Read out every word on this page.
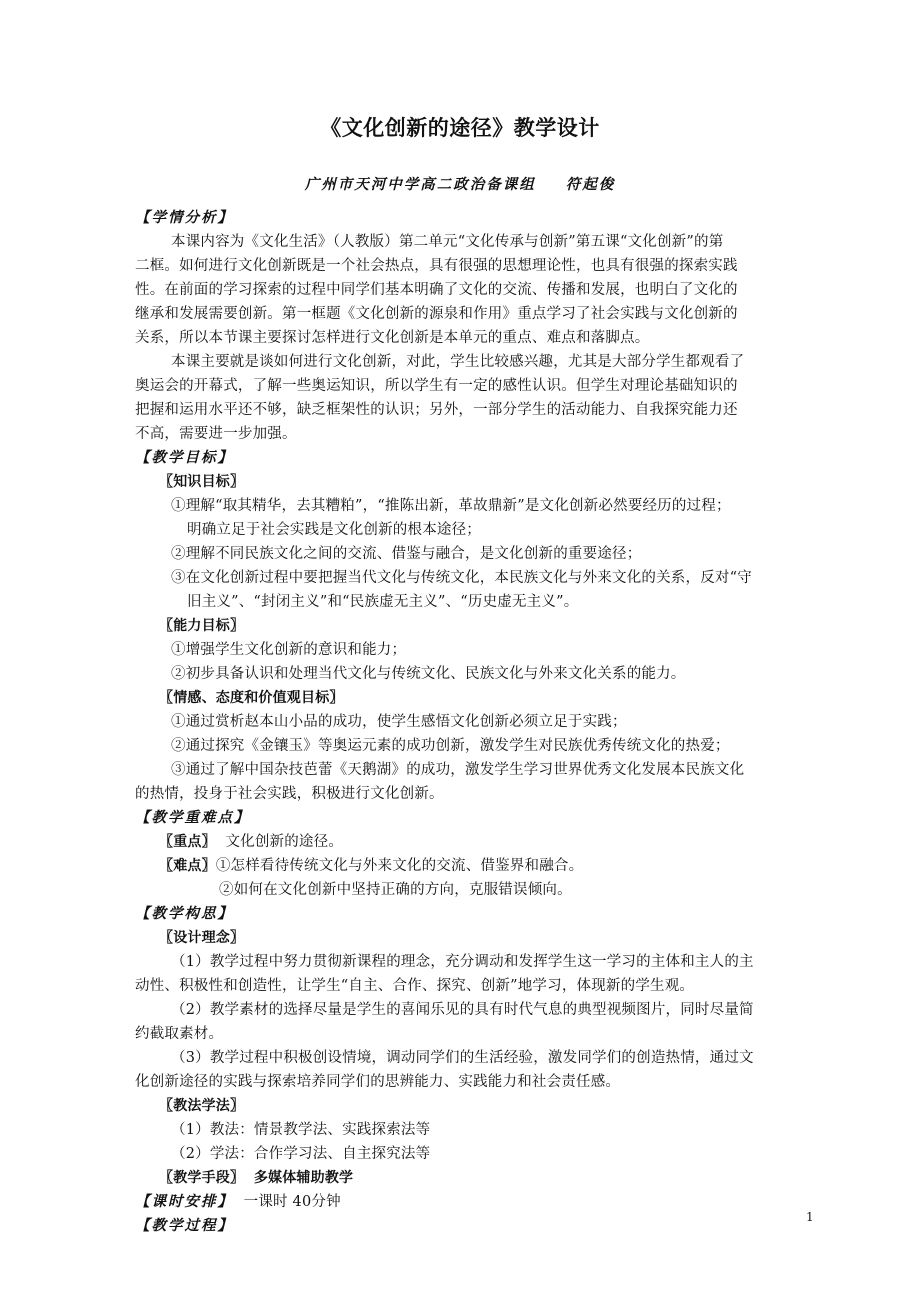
《文化创新的途径》教学设计
广州市天河中学高二政治备课组 符起俊
【学情分析】
本课内容为《文化生活》（人教版）第二单元“文化传承与创新”第五课“文化创新”的第
二框。如何进行文化创新既是一个社会热点，具有很强的思想理论性，也具有很强的探索实践
性。在前面的学习探索的过程中同学们基本明确了文化的交流、传播和发展，也明白了文化的
继承和发展需要创新。第一框题《文化创新的源泉和作用》重点学习了社会实践与文化创新的
关系，所以本节课主要探讨怎样进行文化创新是本单元的重点、难点和落脚点。
本课主要就是谈如何进行文化创新，对此，学生比较感兴趣，尤其是大部分学生都观看了
奥运会的开幕式，了解一些奥运知识，所以学生有一定的感性认识。但学生对理论基础知识的
把握和运用水平还不够，缺乏框架性的认识；另外，一部分学生的活动能力、自我探究能力还
不高，需要进一步加强。
【教学目标】
〖知识目标〗
①理解“取其精华，去其糟粕”，“推陈出新，革故鼎新”是文化创新必然要经历的过程；
明确立足于社会实践是文化创新的根本途径；
②理解不同民族文化之间的交流、借鉴与融合，是文化创新的重要途径；
③在文化创新过程中要把握当代文化与传统文化，本民族文化与外来文化的关系，反对“守
旧主义”、“封闭主义”和“民族虚无主义”、“历史虚无主义”。
〖能力目标〗
①增强学生文化创新的意识和能力；
②初步具备认识和处理当代文化与传统文化、民族文化与外来文化关系的能力。
〖情感、态度和价值观目标〗
①通过赏析赵本山小品的成功，使学生感悟文化创新必须立足于实践；
②通过探究《金镶玉》等奥运元素的成功创新，激发学生对民族优秀传统文化的热爱；
③通过了解中国杂技芭蕾《天鹅湖》的成功，激发学生学习世界优秀文化发展本民族文化
的热情，投身于社会实践，积极进行文化创新。
【教学重难点】
〖重点〗 文化创新的途径。
〖难点〗①怎样看待传统文化与外来文化的交流、借鉴界和融合。
②如何在文化创新中坚持正确的方向，克服错误倾向。
【教学构思】
〖设计理念〗
（1）教学过程中努力贯彻新课程的理念，充分调动和发挥学生这一学习的主体和主人的主
动性、积极性和创造性，让学生“自主、合作、探究、创新”地学习，体现新的学生观。
（2）教学素材的选择尽量是学生的喜闻乐见的具有时代气息的典型视频图片，同时尽量简
约截取素材。
（3）教学过程中积极创设情境，调动同学们的生活经验，激发同学们的创造热情，通过文
化创新途径的实践与探索培养同学们的思辨能力、实践能力和社会责任感。
〖教法学法〗
（1）教法：情景教学法、实践探索法等
（2）学法：合作学习法、自主探究法等
〖教学手段〗 多媒体辅助教学
【课时安排】 一课时 40分钟
【教学过程】	1
